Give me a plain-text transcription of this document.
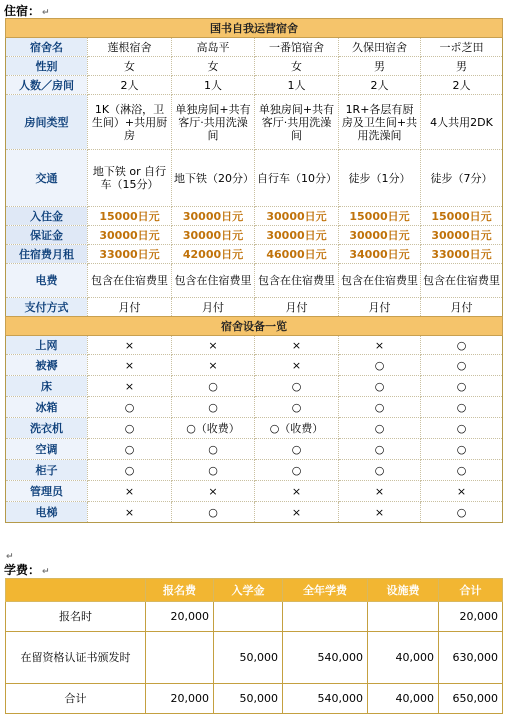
住宿： ↵
国书自我运营宿舍					
宿舍名	莲根宿舍	高岛平	一番馆宿舍	久保田宿舍	一ポ芝田
性别	女	女	女	男	男
人数／房间	2人	1人	1人	2人	2人
房间类型	1K（淋浴，卫生间）+共用厨房	单独房间+共有客厅·共用洗澡间	单独房间+共有客厅·共用洗澡间	1R+各层有厨房及卫生间+共用洗澡间	4人共用2DK
交通	地下铁 or 自行车（15分）	地下铁（20分）	自行车（10分）	徒步（1分）	徒步（7分）
入住金	15000日元	30000日元	30000日元	15000日元	15000日元
保证金	30000日元	30000日元	30000日元	30000日元	30000日元
住宿费月租	33000日元	42000日元	46000日元	34000日元	33000日元
电费	包含在住宿费里	包含在住宿费里	包含在住宿费里	包含在住宿费里	包含在住宿费里
支付方式	月付	月付	月付	月付	月付
宿舍设备一览					
上网	×	×	×	×	○
被褥	×	×	×	○	○
床	×	○	○	○	○
冰箱	○	○	○	○	○
洗衣机	○	○（收费）	○（收费）	○	○
空调	○	○	○	○	○
柜子	○	○	○	○	○
管理员	×	×	×	×	×
电梯	×	○	×	×	○
↵
学费： ↵
	报名费	入学金	全年学费	设施费	合计
报名时	20,000				20,000
在留资格认证书颁发时		50,000	540,000	40,000	630,000
合计	20,000	50,000	540,000	40,000	650,000
